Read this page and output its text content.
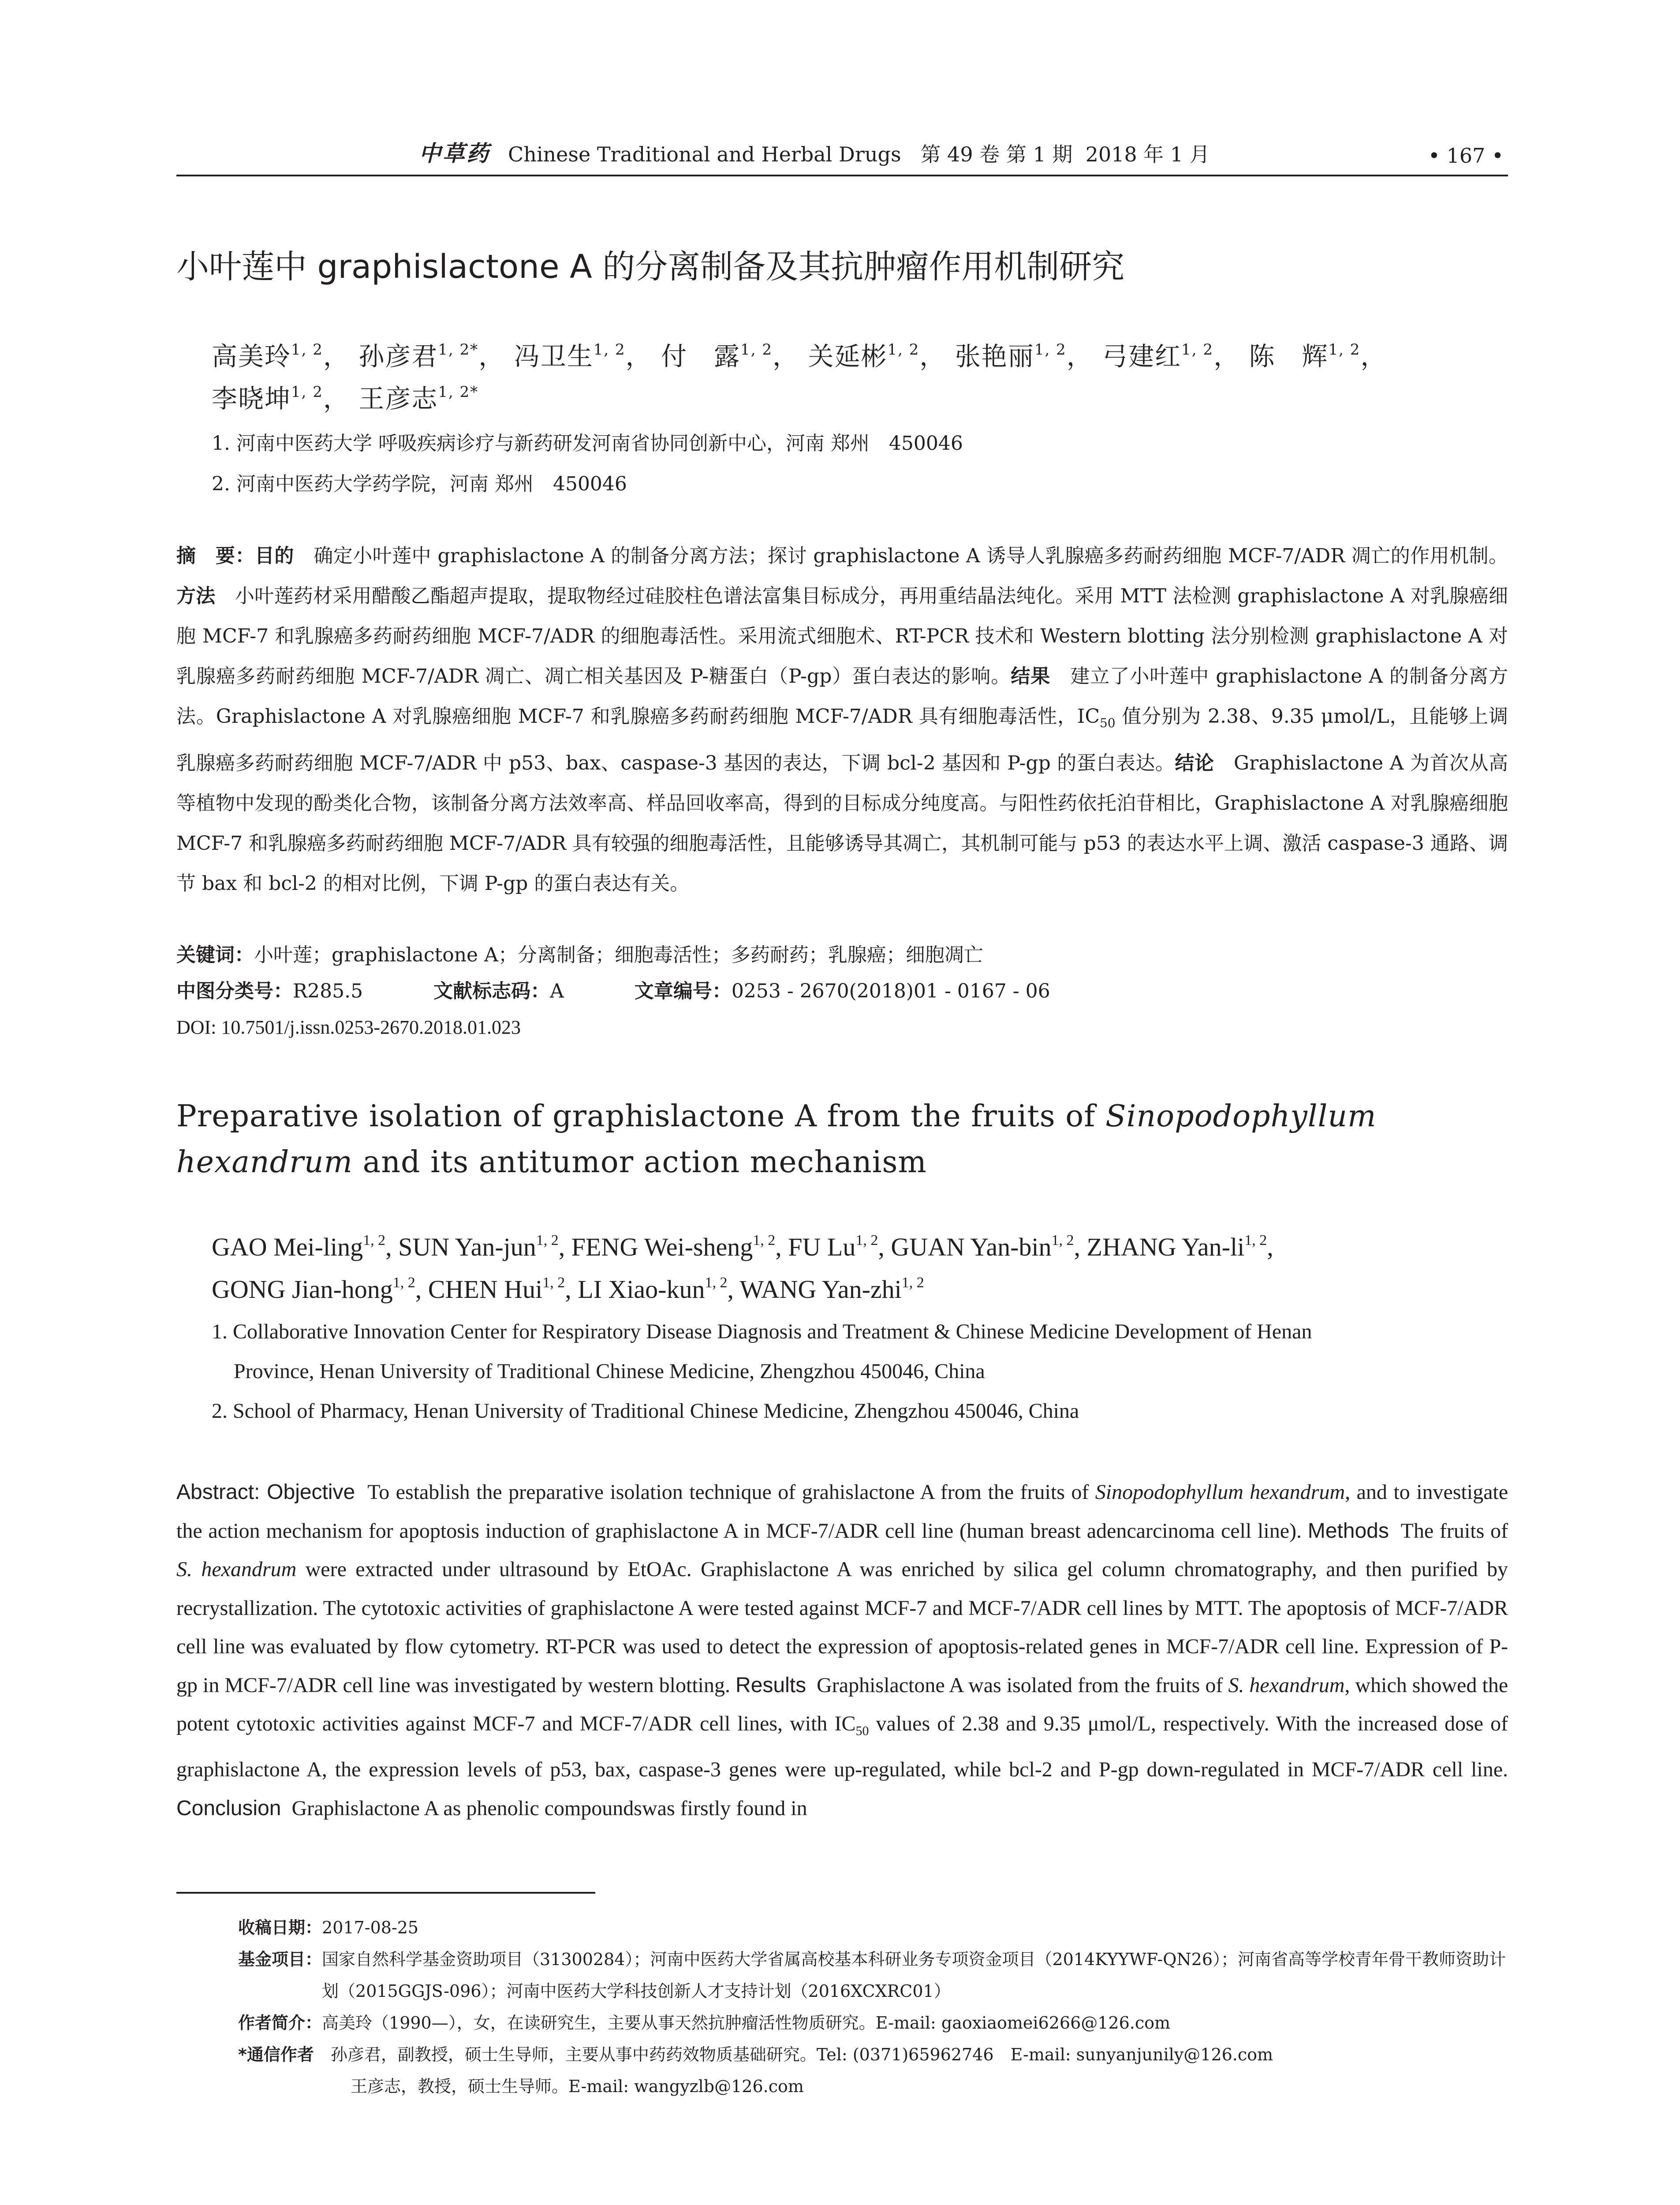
中草药 Chinese Traditional and Herbal Drugs   第 49 卷 第 1 期  2018 年 1 月	• 167 •
小叶莲中 graphislactone A 的分离制备及其抗肿瘤作用机制研究
高美玲$^{1, 2}$， 孙彦君$^{1, 2*}$， 冯卫生$^{1, 2}$， 付　露$^{1, 2}$， 关延彬$^{1, 2}$， 张艳丽$^{1, 2}$， 弓建红$^{1, 2}$， 陈　辉$^{1, 2}$，
李晓坤$^{1, 2}$， 王彦志$^{1, 2*}$
1. 河南中医药大学 呼吸疾病诊疗与新药研发河南省协同创新中心，河南 郑州　450046
2. 河南中医药大学药学院，河南 郑州　450046

摘　要：目的　确定小叶莲中 graphislactone A 的制备分离方法；探讨 graphislactone A 诱导人乳腺癌多药耐药细胞 MCF-7/ADR 凋亡的作用机制。方法　小叶莲药材采用醋酸乙酯超声提取，提取物经过硅胶柱色谱法富集目标成分，再用重结晶法纯化。采用 MTT 法检测 graphislactone A 对乳腺癌细胞 MCF-7 和乳腺癌多药耐药细胞 MCF-7/ADR 的细胞毒活性。采用流式细胞术、RT-PCR 技术和 Western blotting 法分别检测 graphislactone A 对乳腺癌多药耐药细胞 MCF-7/ADR 凋亡、凋亡相关基因及 P-糖蛋白（P-gp）蛋白表达的影响。结果　建立了小叶莲中 graphislactone A 的制备分离方法。Graphislactone A 对乳腺癌细胞 MCF-7 和乳腺癌多药耐药细胞 MCF-7/ADR 具有细胞毒活性，$IC_{50}$ 值分别为 2.38、9.35 μmol/L，且能够上调乳腺癌多药耐药细胞 MCF-7/ADR 中 p53、bax、caspase-3 基因的表达，下调 bcl-2 基因和 P-gp 的蛋白表达。结论　Graphislactone A 为首次从高等植物中发现的酚类化合物，该制备分离方法效率高、样品回收率高，得到的目标成分纯度高。与阳性药依托泊苷相比，Graphislactone A 对乳腺癌细胞 MCF-7 和乳腺癌多药耐药细胞 MCF-7/ADR 具有较强的细胞毒活性，且能够诱导其凋亡，其机制可能与 p53 的表达水平上调、激活 caspase-3 通路、调节 bax 和 bcl-2 的相对比例，下调 P-gp 的蛋白表达有关。

关键词： 小叶莲；graphislactone A；分离制备；细胞毒活性；多药耐药；乳腺癌；细胞凋亡
中图分类号： R285.5	文献标志码： A	文章编号： 0253 - 2670(2018)01 - 0167 - 06
DOI: 10.7501/j.issn.0253-2670.2018.01.023
Preparative isolation of graphislactone A from the fruits of Sinopodophyllum
hexandrum and its antitumor action mechanism
GAO Mei-ling$^{1, 2}$, SUN Yan-jun$^{1, 2}$, FENG Wei-sheng$^{1, 2}$, FU Lu$^{1, 2}$, GUAN Yan-bin$^{1, 2}$, ZHANG Yan-li$^{1, 2}$,
GONG Jian-hong$^{1, 2}$, CHEN Hui$^{1, 2}$, LI Xiao-kun$^{1, 2}$, WANG Yan-zhi$^{1, 2}$
1. Collaborative Innovation Center for Respiratory Disease Diagnosis and Treatment & Chinese Medicine Development of Henan
Province, Henan University of Traditional Chinese Medicine, Zhengzhou 450046, China
2. School of Pharmacy, Henan University of Traditional Chinese Medicine, Zhengzhou 450046, China
Abstract: Objective  To establish the preparative isolation technique of grahislactone A from the fruits of Sinopodophyllum hexandrum, and to investigate the action mechanism for apoptosis induction of graphislactone A in MCF-7/ADR cell line (human breast adencarcinoma cell line). Methods  The fruits of S. hexandrum were extracted under ultrasound by EtOAc. Graphislactone A was enriched by silica gel column chromatography, and then purified by recrystallization. The cytotoxic activities of graphislactone A were tested against MCF-7 and MCF-7/ADR cell lines by MTT. The apoptosis of MCF-7/ADR cell line was evaluated by flow cytometry. RT-PCR was used to detect the expression of apoptosis-related genes in MCF-7/ADR cell line. Expression of P-gp in MCF-7/ADR cell line was investigated by western blotting. Results  Graphislactone A was isolated from the fruits of S. hexandrum, which showed the potent cytotoxic activities against MCF-7 and MCF-7/ADR cell lines, with $IC_{50}$ values of 2.38 and 9.35 μmol/L, respectively. With the increased dose of graphislactone A, the expression levels of p53, bax, caspase-3 genes were up-regulated, while bcl-2 and P-gp down-regulated in MCF-7/ADR cell line. Conclusion  Graphislactone A as phenolic compoundswas firstly found in
收稿日期： 2017-08-25
基金项目： 国家自然科学基金资助项目（31300284）；河南中医药大学省属高校基本科研业务专项资金项目（2014KYYWF-QN26）；河南省高等学校青年骨干教师资助计划（2015GGJS-096）；河南中医药大学科技创新人才支持计划（2016XCXRC01）
作者简介： 高美玲（1990—），女，在读研究生，主要从事天然抗肿瘤活性物质研究。E-mail: gaoxiaomei6266@126.com
*通信作者　 孙彦君，副教授，硕士生导师，主要从事中药药效物质基础研究。Tel: (0371)65962746　E-mail: sunyanjunily@126.com
王彦志，教授，硕士生导师。E-mail: wangyzlb@126.com
